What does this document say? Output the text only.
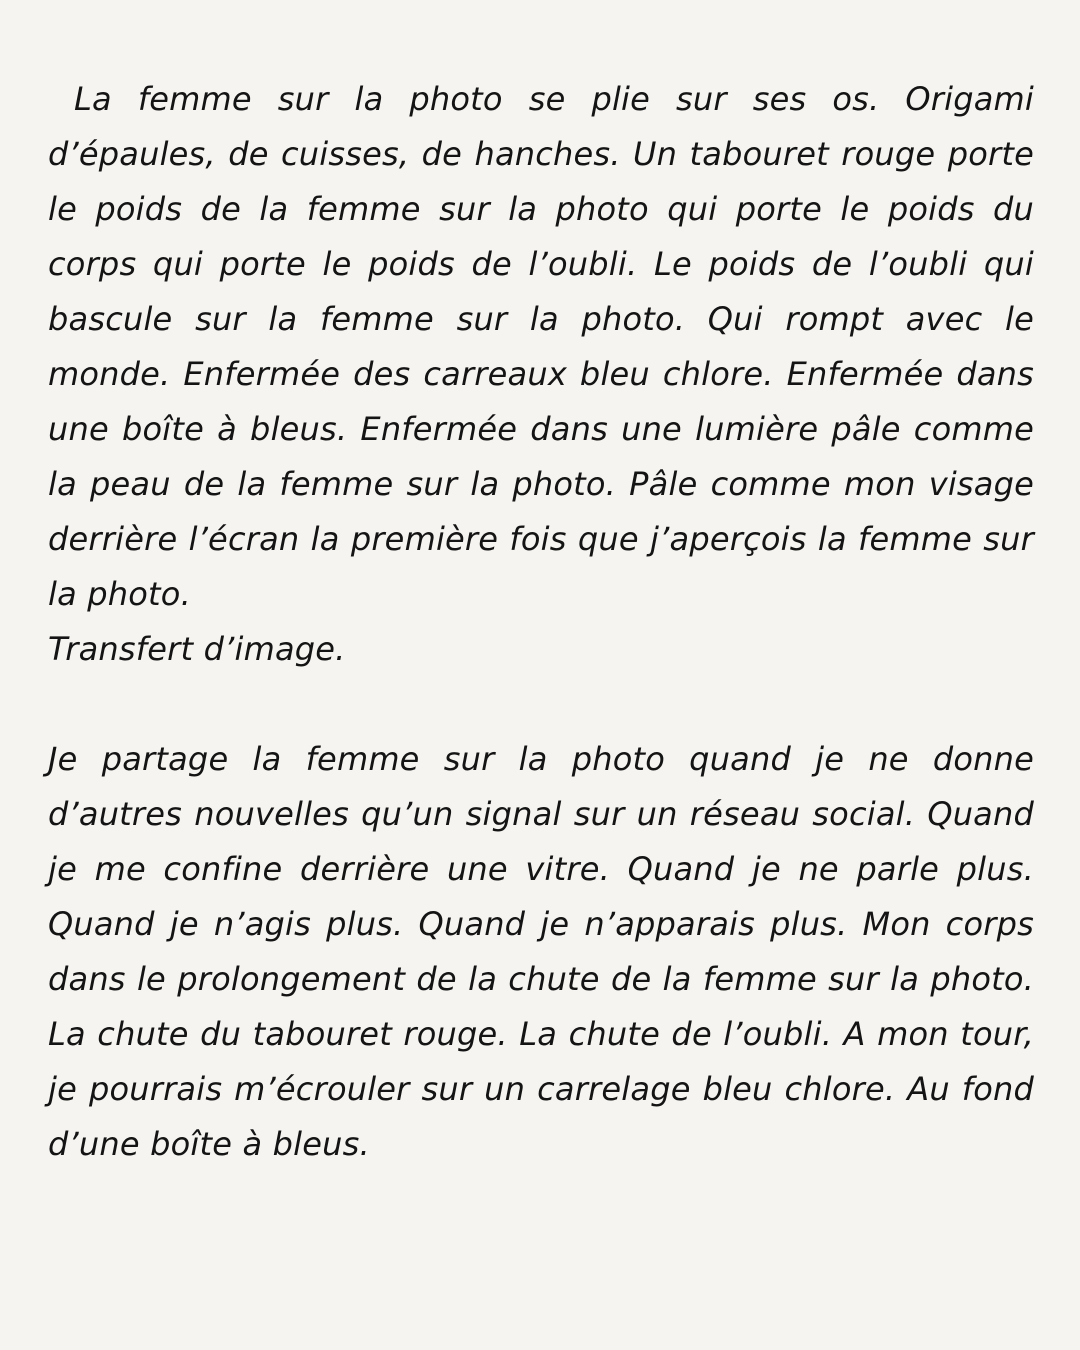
La femme sur la photo se plie sur ses os. Origami d’épaules, de cuisses, de hanches. Un tabouret rouge porte le poids de la femme sur la photo qui porte le poids du corps qui porte le poids de l’oubli. Le poids de l’oubli qui bascule sur la femme sur la photo. Qui rompt avec le monde. Enfermée des carreaux bleu chlore. Enfermée dans une boîte à bleus. Enfermée dans une lumière pâle comme la peau de la femme sur la photo. Pâle comme mon visage derrière l’écran la première fois que j’aperçois la femme sur la photo.

Transfert d’image.

Je partage la femme sur la photo quand je ne donne d’autres nouvelles qu’un signal sur un réseau social. Quand je me confine derrière une vitre. Quand je ne parle plus. Quand je n’agis plus. Quand je n’apparais plus. Mon corps dans le prolongement de la chute de la femme sur la photo. La chute du tabouret rouge. La chute de l’oubli. A mon tour, je pourrais m’écrouler sur un carrelage bleu chlore. Au fond d’une boîte à bleus.
